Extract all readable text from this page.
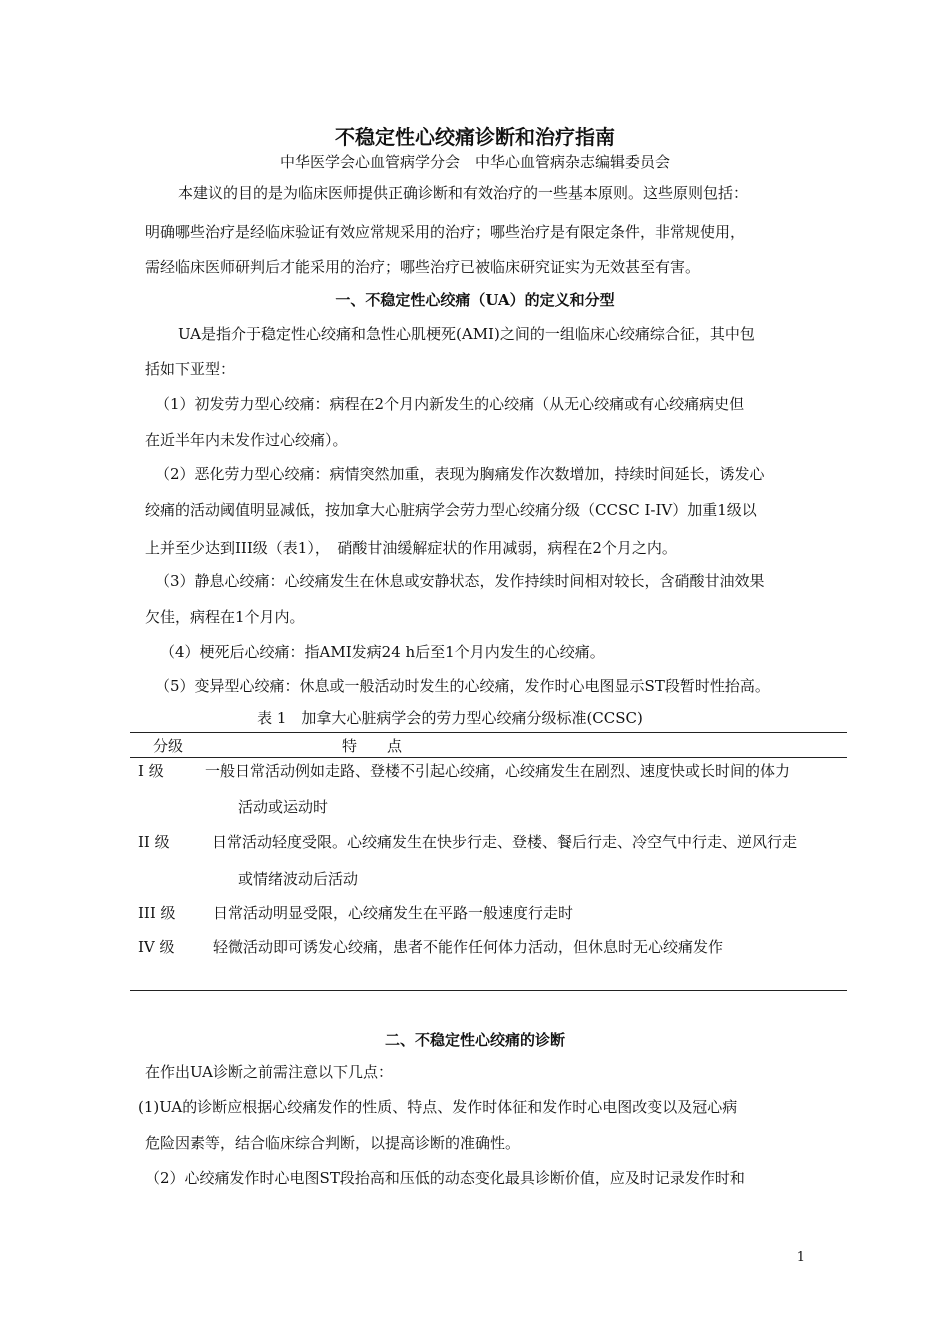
不稳定性心绞痛诊断和治疗指南
中华医学会心血管病学分会　中华心血管病杂志编辑委员会
本建议的目的是为临床医师提供正确诊断和有效治疗的一些基本原则。这些原则包括：
明确哪些治疗是经临床验证有效应常规采用的治疗；哪些治疗是有限定条件，非常规使用，
需经临床医师研判后才能采用的治疗；哪些治疗已被临床研究证实为无效甚至有害。
一、不稳定性心绞痛（UA）的定义和分型
UA是指介于稳定性心绞痛和急性心肌梗死(AMI)之间的一组临床心绞痛综合征，其中包
括如下亚型：
（1）初发劳力型心绞痛：病程在2个月内新发生的心绞痛（从无心绞痛或有心绞痛病史但
在近半年内未发作过心绞痛）。
（2）恶化劳力型心绞痛：病情突然加重，表现为胸痛发作次数增加，持续时间延长，诱发心
绞痛的活动阈值明显减低，按加拿大心脏病学会劳力型心绞痛分级（CCSC I-IV）加重1级以
上并至少达到III级（表1），　硝酸甘油缓解症状的作用减弱，病程在2个月之内。
（3）静息心绞痛：心绞痛发生在休息或安静状态，发作持续时间相对较长，含硝酸甘油效果
欠佳，病程在1个月内。
（4）梗死后心绞痛：指AMI发病24 h后至1个月内发生的心绞痛。
（5）变异型心绞痛：休息或一般活动时发生的心绞痛，发作时心电图显示ST段暂时性抬高。
表 1　加拿大心脏病学会的劳力型心绞痛分级标准(CCSC)
分级	特　　点
I 级	一般日常活动例如走路、登楼不引起心绞痛，心绞痛发生在剧烈、速度快或长时间的体力
活动或运动时
II 级	日常活动轻度受限。心绞痛发生在快步行走、登楼、餐后行走、冷空气中行走、逆风行走
或情绪波动后活动
III 级 日常活动明显受限，心绞痛发生在平路一般速度行走时
IV 级	轻微活动即可诱发心绞痛，患者不能作任何体力活动，但休息时无心绞痛发作
二、不稳定性心绞痛的诊断
在作出UA诊断之前需注意以下几点：
(1)UA的诊断应根据心绞痛发作的性质、特点、发作时体征和发作时心电图改变以及冠心病
危险因素等，结合临床综合判断，以提高诊断的准确性。
（2）心绞痛发作时心电图ST段抬高和压低的动态变化最具诊断价值，应及时记录发作时和
1
